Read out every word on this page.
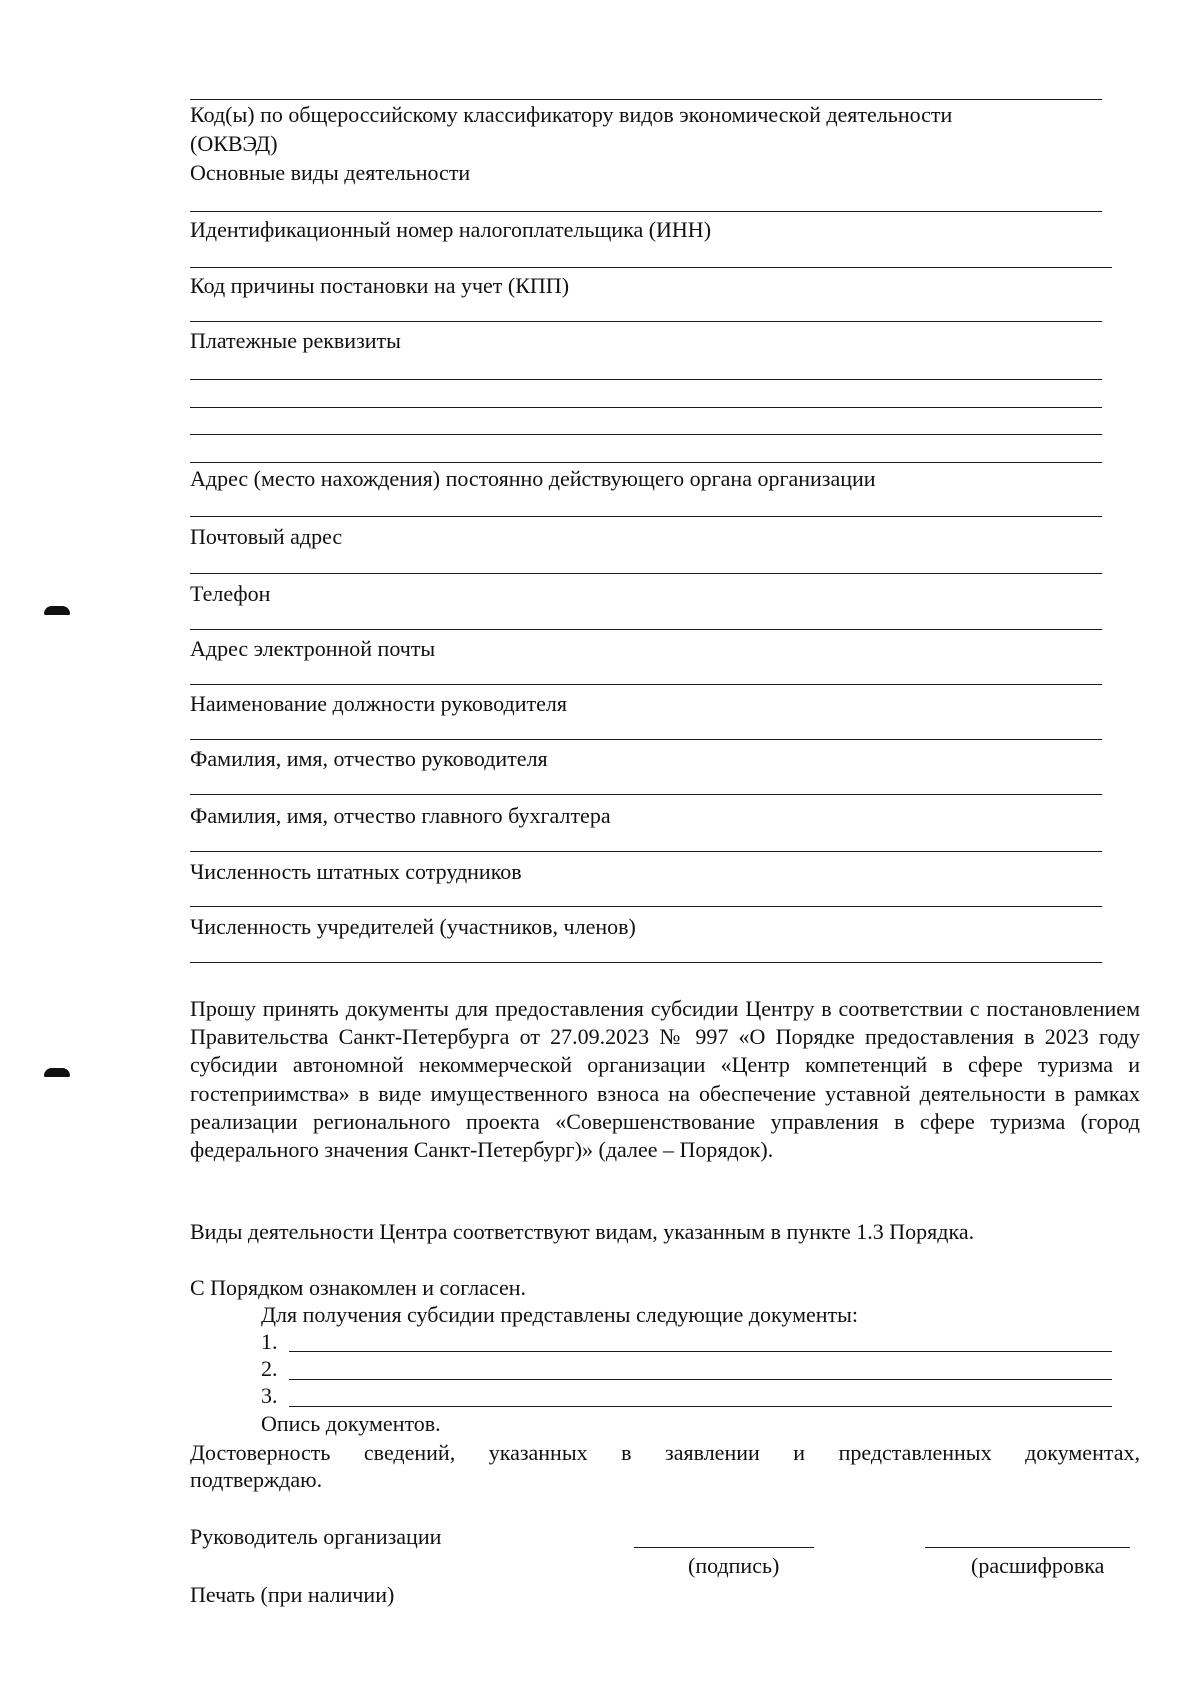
Код(ы) по общероссийскому классификатору видов экономической деятельности
(ОКВЭД)
Основные виды деятельности
Идентификационный номер налогоплательщика (ИНН)
Код причины постановки на учет (КПП)
Платежные реквизиты
Адрес (место нахождения) постоянно действующего органа организации
Почтовый адрес
Телефон
Адрес электронной почты
Наименование должности руководителя
Фамилия, имя, отчество руководителя
Фамилия, имя, отчество главного бухгалтера
Численность штатных сотрудников
Численность учредителей (участников, членов)
Прошу принять документы для предоставления субсидии Центру в соответствии с постановлением Правительства Санкт-Петербурга от 27.09.2023 № 997 «О Порядке предоставления в 2023 году субсидии автономной некоммерческой организации «Центр компетенций в сфере туризма и гостеприимства» в виде имущественного взноса на обеспечение уставной деятельности в рамках реализации регионального проекта «Совершенствование управления в сфере туризма (город федерального значения Санкт-Петербург)» (далее – Порядок).
Виды деятельности Центра соответствуют видам, указанным в пункте 1.3 Порядка.
С Порядком ознакомлен и согласен.
Для получения субсидии представлены следующие документы:
1.
2.
3.
Опись документов.
Достоверность сведений, указанных в заявлении и представленных документах,
подтверждаю.
Руководитель организации
(подпись)	(расшифровка
Печать (при наличии)
